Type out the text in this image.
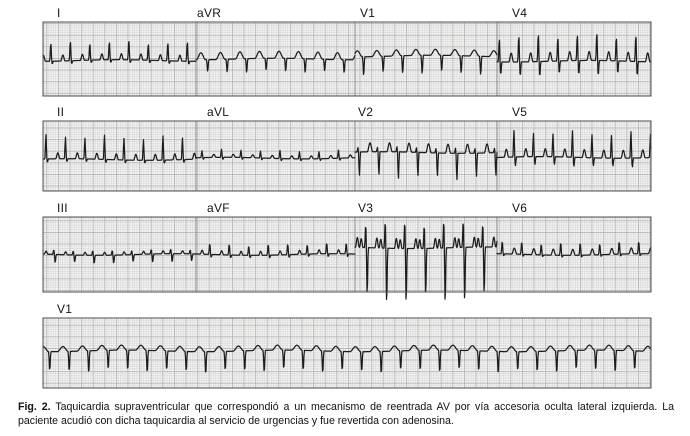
I	aVR	V1	V4
II	aVL	V2	V5
III	aVF	V3	V6
V1
Fig. 2. Taquicardia supraventricular que correspondió a un mecanismo de reentrada AV por vía accesoria oculta lateral izquierda. La paciente acudió con dicha taquicardia al servicio de urgencias y fue revertida con adenosina.
